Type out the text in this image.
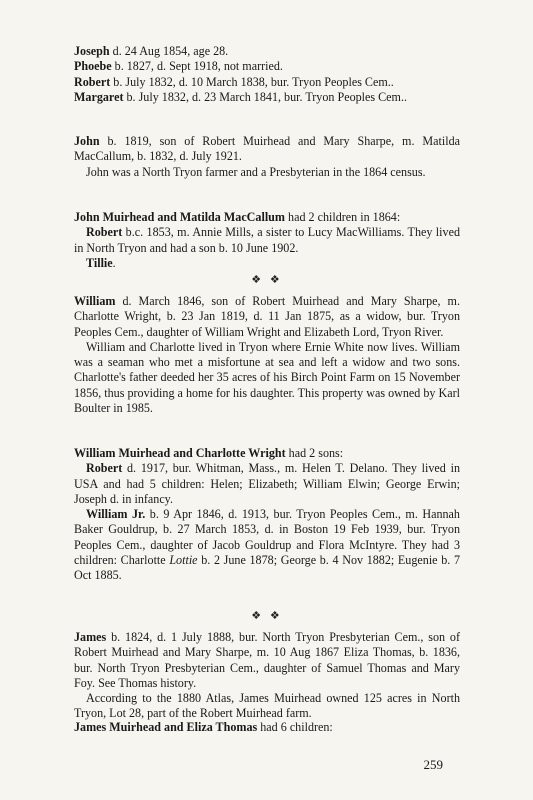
Joseph d. 24 Aug 1854, age 28.

Phoebe b. 1827, d. Sept 1918, not married.

Robert b. July 1832, d. 10 March 1838, bur. Tryon Peoples Cem..

Margaret b. July 1832, d. 23 March 1841, bur. Tryon Peoples Cem..

John b. 1819, son of Robert Muirhead and Mary Sharpe, m. Matilda MacCallum, b. 1832, d. July 1921.

John was a North Tryon farmer and a Presbyterian in the 1864 census.

John Muirhead and Matilda MacCallum had 2 children in 1864:

Robert b.c. 1853, m. Annie Mills, a sister to Lucy MacWilliams. They lived in North Tryon and had a son b. 10 June 1902.

Tillie.

❖ ❖

William d. March 1846, son of Robert Muirhead and Mary Sharpe, m. Charlotte Wright, b. 23 Jan 1819, d. 11 Jan 1875, as a widow, bur. Tryon Peoples Cem., daughter of William Wright and Elizabeth Lord, Tryon River.

William and Charlotte lived in Tryon where Ernie White now lives. William was a seaman who met a misfortune at sea and left a widow and two sons. Charlotte's father deeded her 35 acres of his Birch Point Farm on 15 November 1856, thus providing a home for his daughter. This property was owned by Karl Boulter in 1985.

William Muirhead and Charlotte Wright had 2 sons:

Robert d. 1917, bur. Whitman, Mass., m. Helen T. Delano. They lived in USA and had 5 children: Helen; Elizabeth; William Elwin; George Erwin; Joseph d. in infancy.

William Jr. b. 9 Apr 1846, d. 1913, bur. Tryon Peoples Cem., m. Hannah Baker Gouldrup, b. 27 March 1853, d. in Boston 19 Feb 1939, bur. Tryon Peoples Cem., daughter of Jacob Gouldrup and Flora McIntyre. They had 3 children: Charlotte Lottie b. 2 June 1878; George b. 4 Nov 1882; Eugenie b. 7 Oct 1885.

❖ ❖

James b. 1824, d. 1 July 1888, bur. North Tryon Presbyterian Cem., son of Robert Muirhead and Mary Sharpe, m. 10 Aug 1867 Eliza Thomas, b. 1836, bur. North Tryon Presbyterian Cem., daughter of Samuel Thomas and Mary Foy. See Thomas history.

According to the 1880 Atlas, James Muirhead owned 125 acres in North Tryon, Lot 28, part of the Robert Muirhead farm.

James Muirhead and Eliza Thomas had 6 children:

259
